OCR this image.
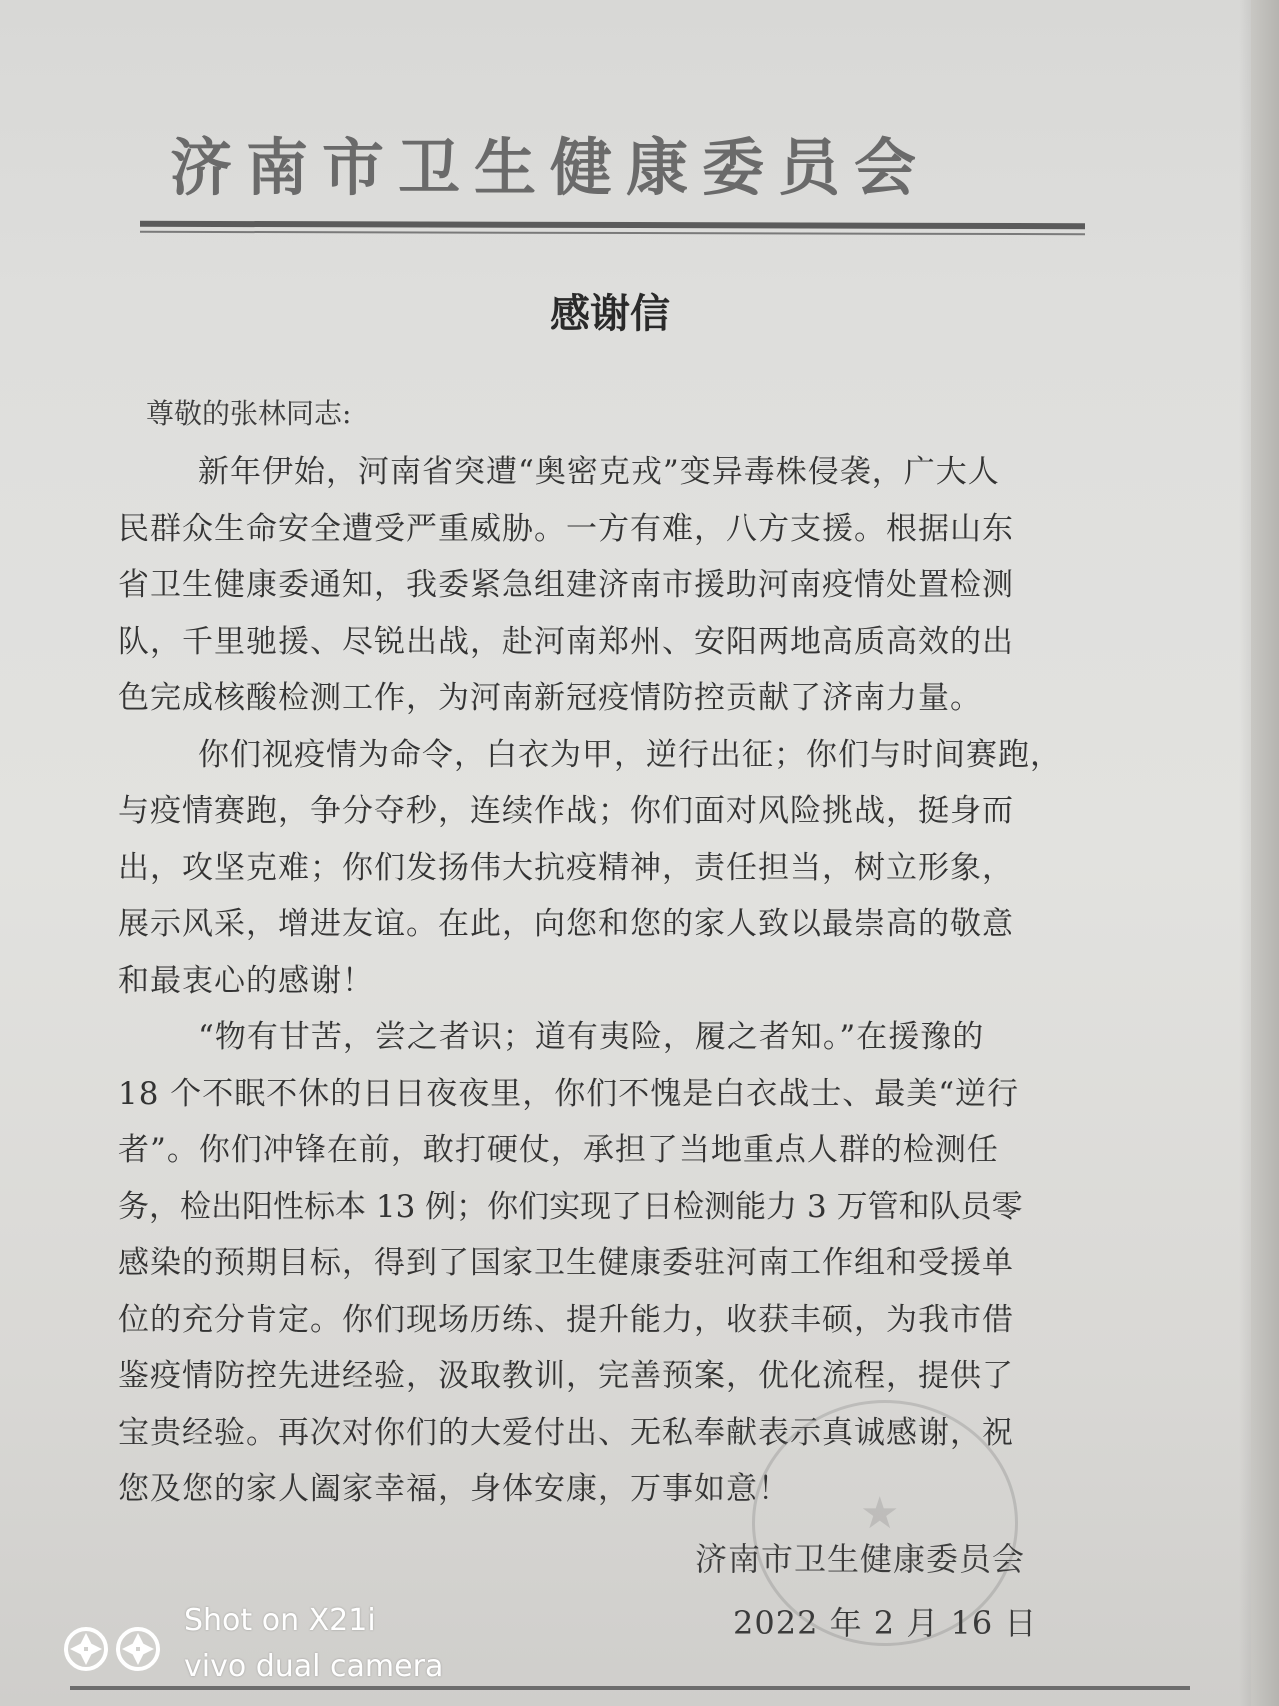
济南市卫生健康委员会
感谢信
尊敬的张林同志:
新年伊始，河南省突遭“奥密克戎”变异毒株侵袭，广大人
民群众生命安全遭受严重威胁。一方有难，八方支援。根据山东
省卫生健康委通知，我委紧急组建济南市援助河南疫情处置检测
队，千里驰援、尽锐出战，赴河南郑州、安阳两地高质高效的出
色完成核酸检测工作，为河南新冠疫情防控贡献了济南力量。
你们视疫情为命令，白衣为甲，逆行出征；你们与时间赛跑，
与疫情赛跑，争分夺秒，连续作战；你们面对风险挑战，挺身而
出，攻坚克难；你们发扬伟大抗疫精神，责任担当，树立形象，
展示风采，增进友谊。在此，向您和您的家人致以最崇高的敬意
和最衷心的感谢！
“物有甘苦，尝之者识；道有夷险，履之者知。”在援豫的
18 个不眠不休的日日夜夜里，你们不愧是白衣战士、最美“逆行
者”。你们冲锋在前，敢打硬仗，承担了当地重点人群的检测任
务，检出阳性标本 13 例；你们实现了日检测能力 3 万管和队员零
感染的预期目标，得到了国家卫生健康委驻河南工作组和受援单
位的充分肯定。你们现场历练、提升能力，收获丰硕，为我市借
鉴疫情防控先进经验，汲取教训，完善预案，优化流程，提供了
宝贵经验。再次对你们的大爱付出、无私奉献表示真诚感谢，祝
您及您的家人阖家幸福，身体安康，万事如意！	★
济南市卫生健康委员会
2022 年 2 月 16 日
Shot on X21i
vivo dual camera
